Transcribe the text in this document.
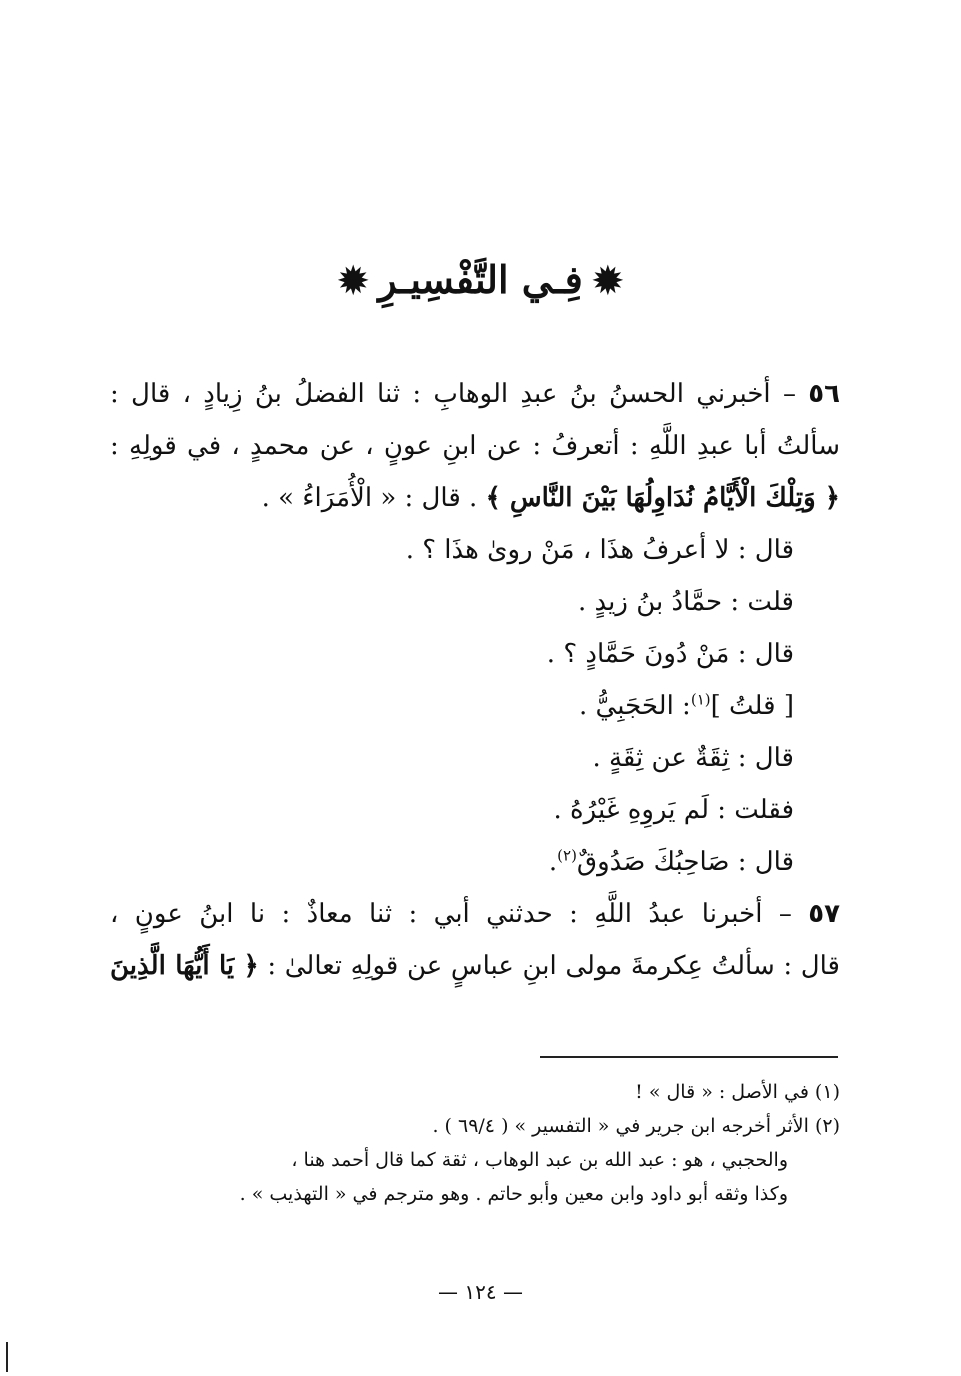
✹فِـي التَّفْسِيـرِ✹
٥٦ – أخبرني الحسنُ بنُ عبدِ الوهابِ : ثنا الفضلُ بنُ زِيادٍ ، قال :
سألتُ أبا عبدِ اللَّهِ : أتعرفُ : عن ابنِ عونٍ ، عن محمدٍ ، في قولِهِ :
﴿ وَتِلْكَ الْأَيَّامُ نُدَاوِلُهَا بَيْنَ النَّاسِ ﴾ . قال : « الْأُمَرَاءُ » .
قال : لا أعرفُ هذَا ، مَنْ روىٰ هذَا ؟ .
قلت : حمَّادُ بنُ زيدٍ .
قال : مَنْ دُونَ حَمَّادٍ ؟ .
[ قلتُ ]$^{(١)}$: الحَجَبِيُّ .
قال : ثِقَةٌ عن ثِقَةٍ .
فقلت : لَم يَروِهِ غَيْرُهُ .
قال : صَاحِبُكَ صَدُوقٌ$^{(٢)}$.
٥٧ – أخبرنا عبدُ اللَّهِ : حدثني أبي : ثنا معاذٌ : نا ابنُ عونٍ ،
قال : سألتُ عِكرمةَ مولى ابنِ عباسٍ عن قولِهِ تعالىٰ : ﴿ يَا أَيُّهَا الَّذِينَ
(١) في الأصل : « قال » !
(٢) الأثر أخرجه ابن جرير في « التفسير » ( ٦٩/٤ ) .
والحجبي ، هو : عبد الله بن عبد الوهاب ، ثقة كما قال أحمد هنا ،
وكذا وثقه أبو داود وابن معين وأبو حاتم . وهو مترجم في « التهذيب » .
— ١٢٤ —
